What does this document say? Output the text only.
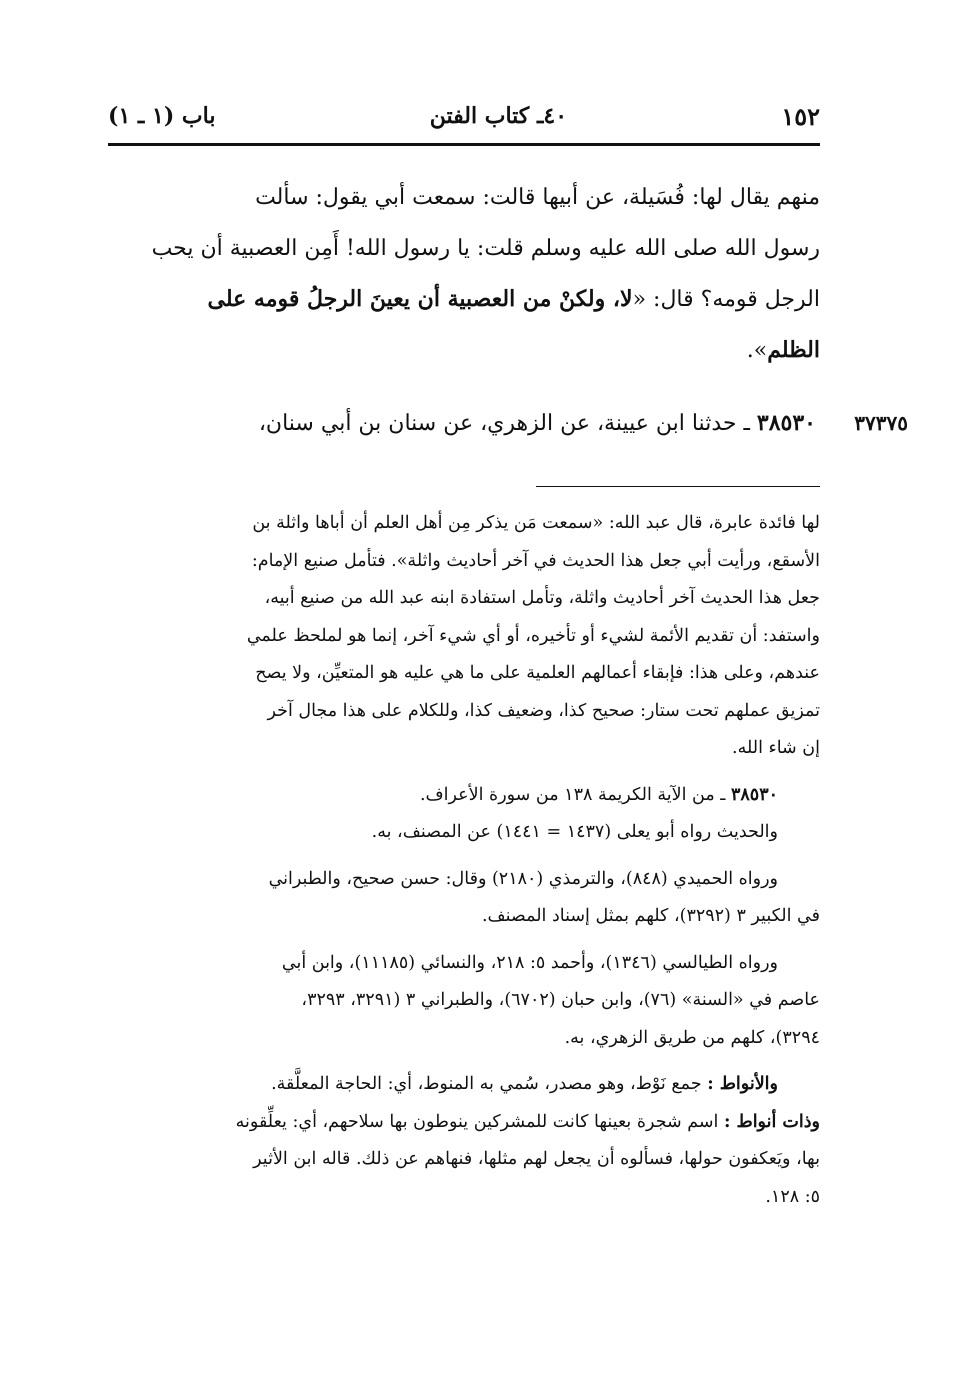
١٥٢
٤٠ـ كتاب الفتن
باب (١ ـ ١)

منهم يقال لها: فُسَيلة، عن أبيها قالت: سمعت أبي يقول: سألت

رسول الله صلى الله عليه وسلم قلت: يا رسول الله! أَمِن العصبية أن يحب

الرجل قومه؟ قال: «لا، ولكنْ من العصبية أن يعينَ الرجلُ قومه على

الظلم».

٣٧٣٧٥
٣٨٥٣٠ ـ حدثنا ابن عيينة، عن الزهري، عن سنان بن أبي سنان،

لها فائدة عابرة، قال عبد الله: «سمعت مَن يذكر مِن أهل العلم أن أباها واثلة بن

الأسقع، ورأيت أبي جعل هذا الحديث في آخر أحاديث واثلة». فتأمل صنيع الإمام:

جعل هذا الحديث آخر أحاديث واثلة، وتأمل استفادة ابنه عبد الله من صنيع أبيه،

واستفد: أن تقديم الأئمة لشيء أو تأخيره، أو أي شيء آخر، إنما هو لملحظ علمي

عندهم، وعلى هذا: فإبقاء أعمالهم العلمية على ما هي عليه هو المتعيِّن، ولا يصح

تمزيق عملهم تحت ستار: صحيح كذا، وضعيف كذا، وللكلام على هذا مجال آخر

إن شاء الله.

٣٨٥٣٠ ـ من الآية الكريمة ١٣٨ من سورة الأعراف.

والحديث رواه أبو يعلى (١٤٣٧ = ١٤٤١) عن المصنف، به.

ورواه الحميدي (٨٤٨)، والترمذي (٢١٨٠) وقال: حسن صحيح، والطبراني

في الكبير ٣ (٣٢٩٢)، كلهم بمثل إسناد المصنف.

ورواه الطيالسي (١٣٤٦)، وأحمد ٥: ٢١٨، والنسائي (١١١٨٥)، وابن أبي

عاصم في «السنة» (٧٦)، وابن حبان (٦٧٠٢)، والطبراني ٣ (٣٢٩١، ٣٢٩٣،

٣٢٩٤)، كلهم من طريق الزهري، به.

والأنواط : جمع نَوْط، وهو مصدر، سُمي به المنوط، أي: الحاجة المعلَّقة.

وذات أنواط : اسم شجرة بعينها كانت للمشركين ينوطون بها سلاحهم، أي: يعلِّقونه

بها، ويَعكفون حولها، فسألوه أن يجعل لهم مثلها، فنهاهم عن ذلك. قاله ابن الأثير

٥: ١٢٨.
